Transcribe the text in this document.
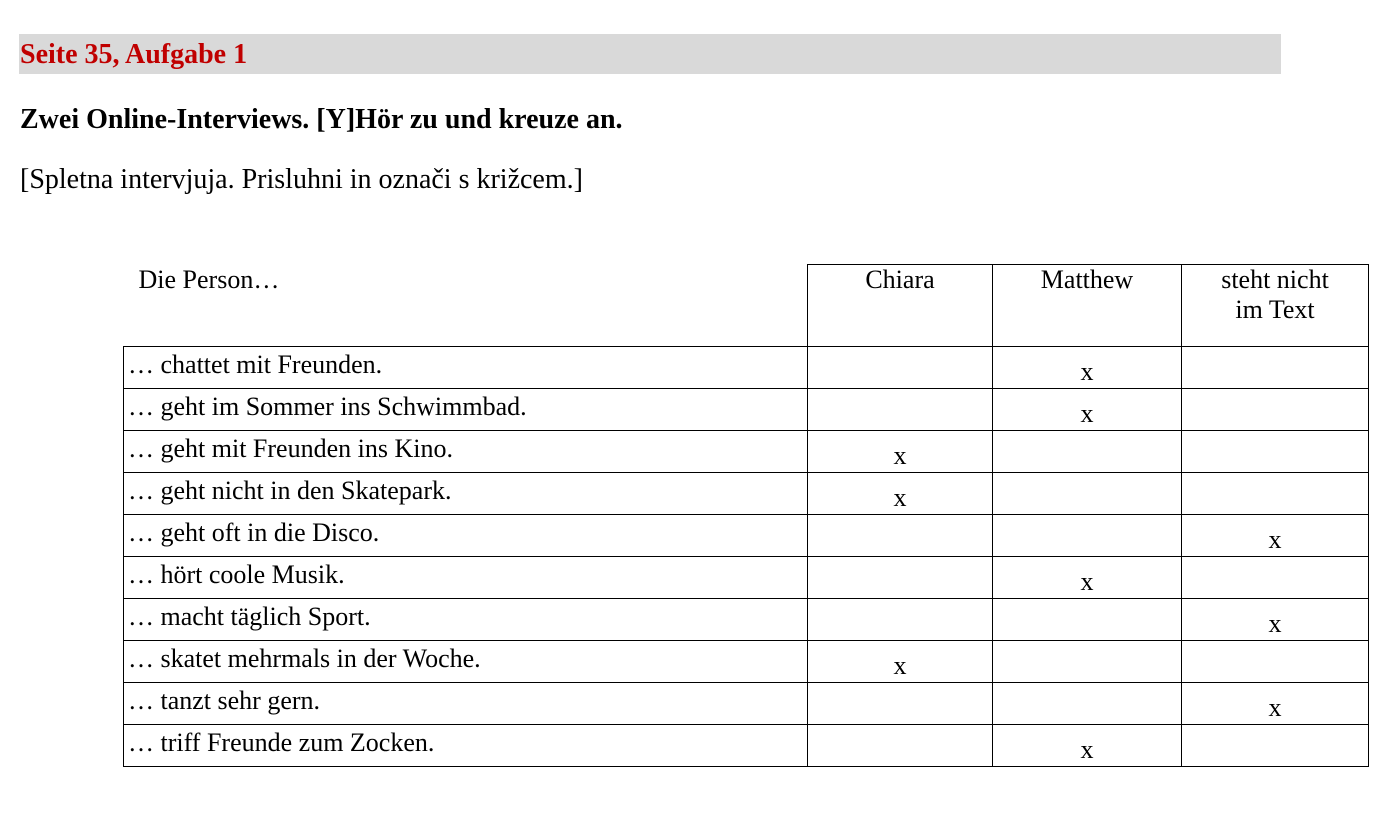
Seite 35, Aufgabe 1
Zwei Online-Interviews. [Y]Hör zu und kreuze an.
[Spletna intervjuja. Prisluhni in označi s križcem.]
Die Person…	Chiara	Matthew	steht nicht
im Text
… chattet mit Freunden.		x	
… geht im Sommer ins Schwimmbad.		x	
… geht mit Freunden ins Kino.	x		
… geht nicht in den Skatepark.	x		
… geht oft in die Disco.			x
… hört coole Musik.		x	
… macht täglich Sport.			x
… skatet mehrmals in der Woche.	x		
… tanzt sehr gern.			x
… triff Freunde zum Zocken.		x	
